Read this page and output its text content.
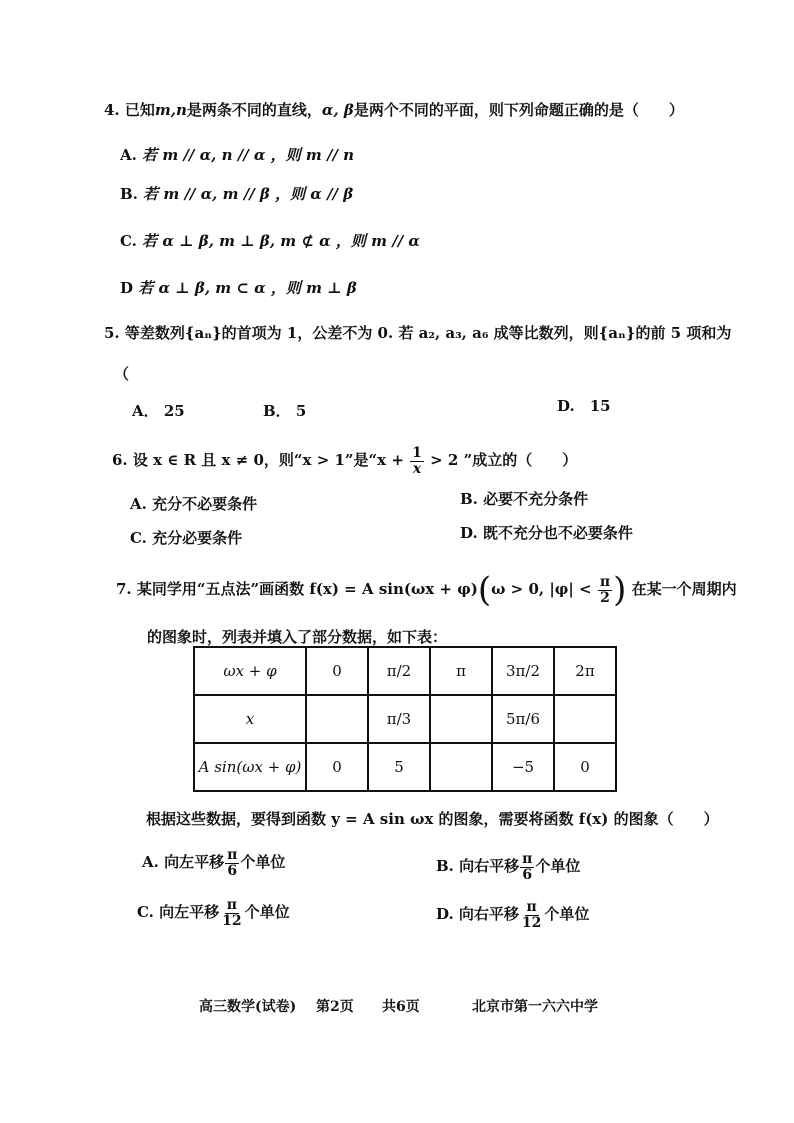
4. 已知m,n是两条不同的直线，α, β是两个不同的平面，则下列命题正确的是（　　）
A. 若 m // α, n // α ，则 m // n
B. 若 m // α, m // β ，则 α // β
C. 若 α ⊥ β, m ⊥ β, m ⊄ α ，则 m // α
D 若 α ⊥ β, m ⊂ α ，则 m ⊥ β
5. 等差数列{aₙ}的首项为 1，公差不为 0. 若 a₂, a₃, a₆ 成等比数列，则{aₙ}的前 5 项和为
（
A． 25	B． 5	D.　15
6. 设 x ∈ R 且 x ≠ 0，则“x > 1”是“$x + \frac{1}{x} > 2$ ”成立的（　　）
A. 充分不必要条件	B. 必要不充分条件
C. 充分必要条件	D. 既不充分也不必要条件
7. 某同学用“五点法”画函数 f(x) = A sin(ωx + φ)(ω > 0, $|\varphi| < \frac{\pi}{2}$ ) 在某一个周期内
的图象时，列表并填入了部分数据，如下表：
ωx + φ	0	π/2	π	3π/2	2π
x		π/3		5π/6	
A sin(ωx + φ)	0	5		−5	0
根据这些数据，要得到函数 y = A sin ωx 的图象，需要将函数 f(x) 的图象（　　）
A. 向左平移 $\frac{\pi}{6}$ 个单位	B. 向右平移 $\frac{\pi}{6}$ 个单位
C. 向左平移 $\frac{\pi}{12}$ 个单位	D. 向右平移 $\frac{\pi}{12}$ 个单位
高三数学(试卷) 第2页 共6页	北京市第一六六中学
